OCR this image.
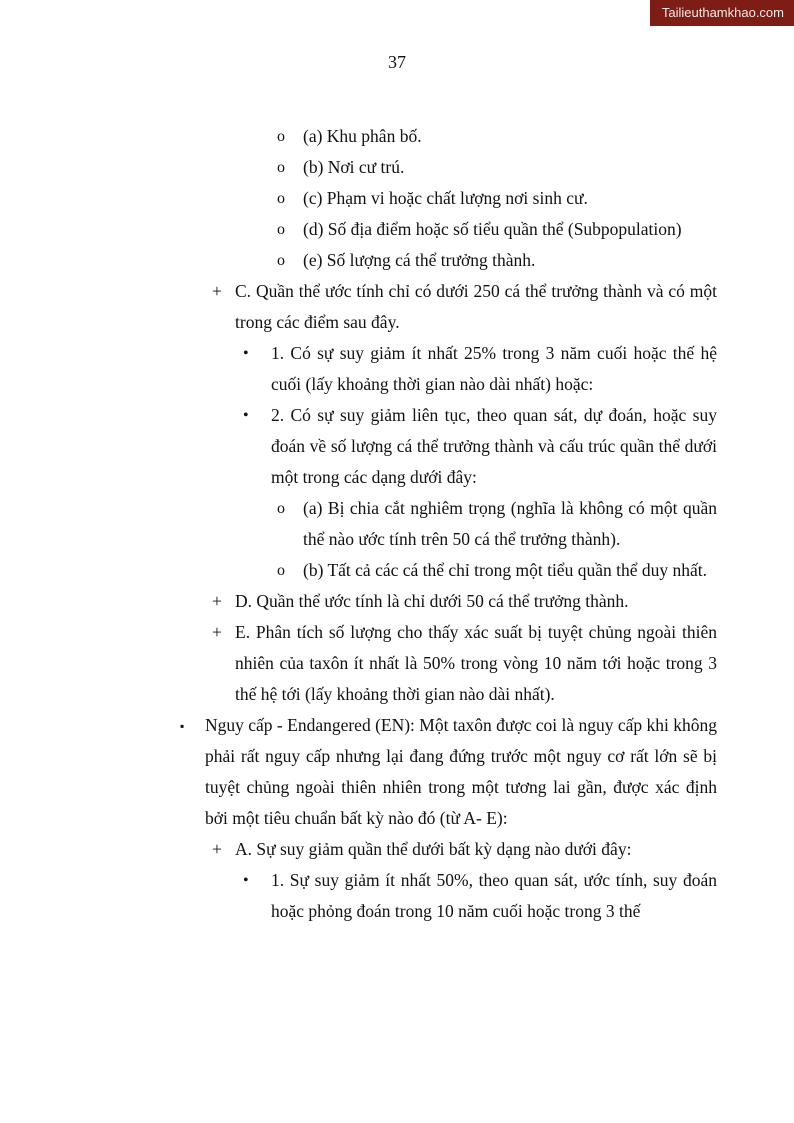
Tailieuthamkhao.com
37
o (a) Khu phân bố.
o (b) Nơi cư trú.
o (c) Phạm vi hoặc chất lượng nơi sinh cư.
o (d) Số địa điểm hoặc số tiểu quần thể (Subpopulation)
o (e) Số lượng cá thể trưởng thành.
+ C. Quần thể ước tính chỉ có dưới 250 cá thể trưởng thành và có một trong các điểm sau đây.
• 1. Có sự suy giảm ít nhất 25% trong 3 năm cuối hoặc thế hệ cuối (lấy khoảng thời gian nào dài nhất) hoặc:
• 2. Có sự suy giảm liên tục, theo quan sát, dự đoán, hoặc suy đoán về số lượng cá thể trưởng thành và cấu trúc quần thể dưới một trong các dạng dưới đây:
o (a) Bị chia cắt nghiêm trọng (nghĩa là không có một quần thể nào ước tính trên 50 cá thể trưởng thành).
o (b) Tất cả các cá thể chỉ trong một tiểu quần thể duy nhất.
+ D. Quần thể ước tính là chỉ dưới 50 cá thể trưởng thành.
+ E. Phân tích số lượng cho thấy xác suất bị tuyệt chủng ngoài thiên nhiên của taxôn ít nhất là 50% trong vòng 10 năm tới hoặc trong 3 thế hệ tới (lấy khoảng thời gian nào dài nhất).
▪ Nguy cấp - Endangered (EN): Một taxôn được coi là nguy cấp khi không phải rất nguy cấp nhưng lại đang đứng trước một nguy cơ rất lớn sẽ bị tuyệt chủng ngoài thiên nhiên trong một tương lai gần, được xác định bởi một tiêu chuẩn bất kỳ nào đó (từ A- E):
+ A. Sự suy giảm quần thể dưới bất kỳ dạng nào dưới đây:
• 1. Sự suy giảm ít nhất 50%, theo quan sát, ước tính, suy đoán hoặc phỏng đoán trong 10 năm cuối hoặc trong 3 thế
